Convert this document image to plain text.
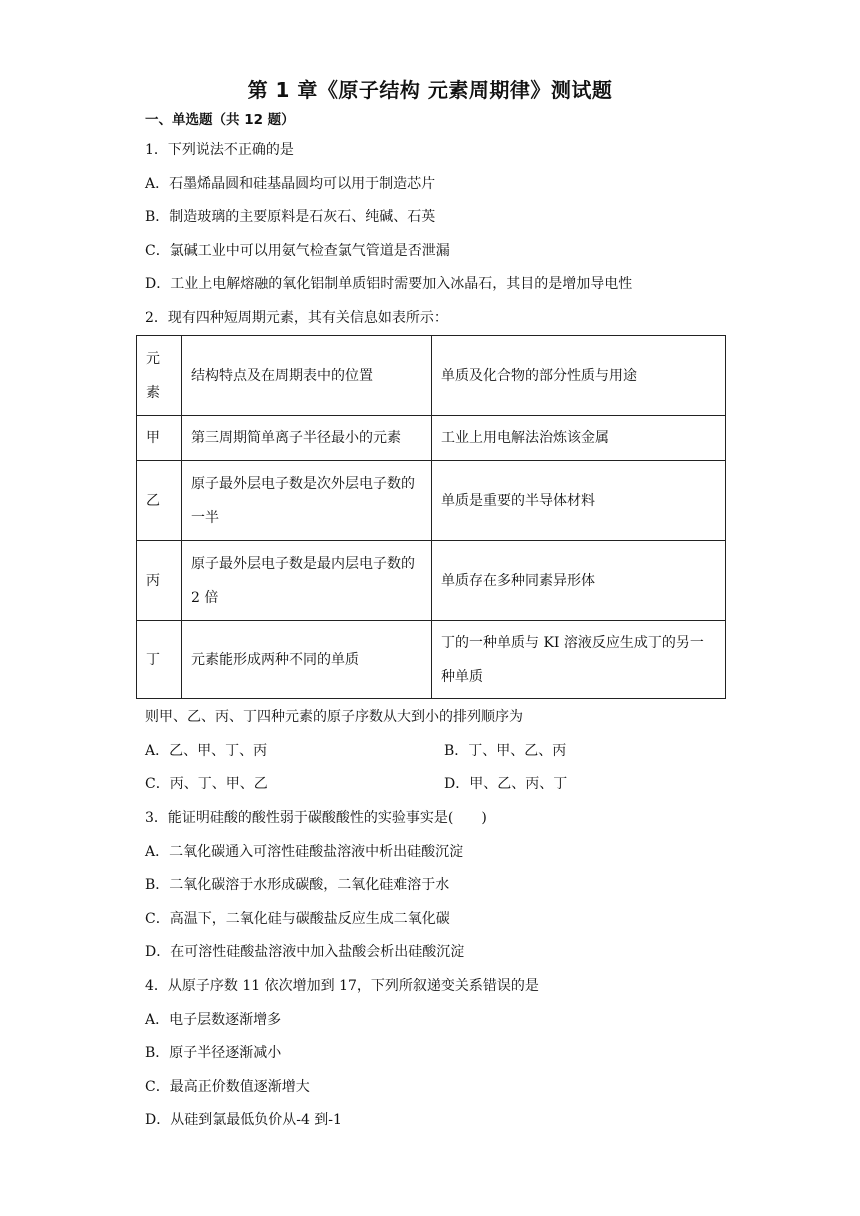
第 1 章《原子结构 元素周期律》测试题
一、单选题（共 12 题）
1．下列说法不正确的是
A．石墨烯晶圆和硅基晶圆均可以用于制造芯片
B．制造玻璃的主要原料是石灰石、纯碱、石英
C．氯碱工业中可以用氨气检查氯气管道是否泄漏
D．工业上电解熔融的氧化铝制单质铝时需要加入冰晶石，其目的是增加导电性
2．现有四种短周期元素，其有关信息如表所示：
元素	结构特点及在周期表中的位置	单质及化合物的部分性质与用途
甲	第三周期简单离子半径最小的元素	工业上用电解法治炼该金属
乙	原子最外层电子数是次外层电子数的一半	单质是重要的半导体材料
丙	原子最外层电子数是最内层电子数的 2 倍	单质存在多种同素异形体
丁	元素能形成两种不同的单质	丁的一种单质与 KI 溶液反应生成丁的另一种单质
则甲、乙、丙、丁四种元素的原子序数从大到小的排列顺序为
A．乙、甲、丁、丙	B．丁、甲、乙、丙
C．丙、丁、甲、乙	D．甲、乙、丙、丁
3．能证明硅酸的酸性弱于碳酸酸性的实验事实是(　　)
A．二氧化碳通入可溶性硅酸盐溶液中析出硅酸沉淀
B．二氧化碳溶于水形成碳酸，二氧化硅难溶于水
C．高温下，二氧化硅与碳酸盐反应生成二氧化碳
D．在可溶性硅酸盐溶液中加入盐酸会析出硅酸沉淀
4．从原子序数 11 依次增加到 17，下列所叙递变关系错误的是
A．电子层数逐渐增多
B．原子半径逐渐减小
C．最高正价数值逐渐增大
D．从硅到氯最低负价从-4 到-1
